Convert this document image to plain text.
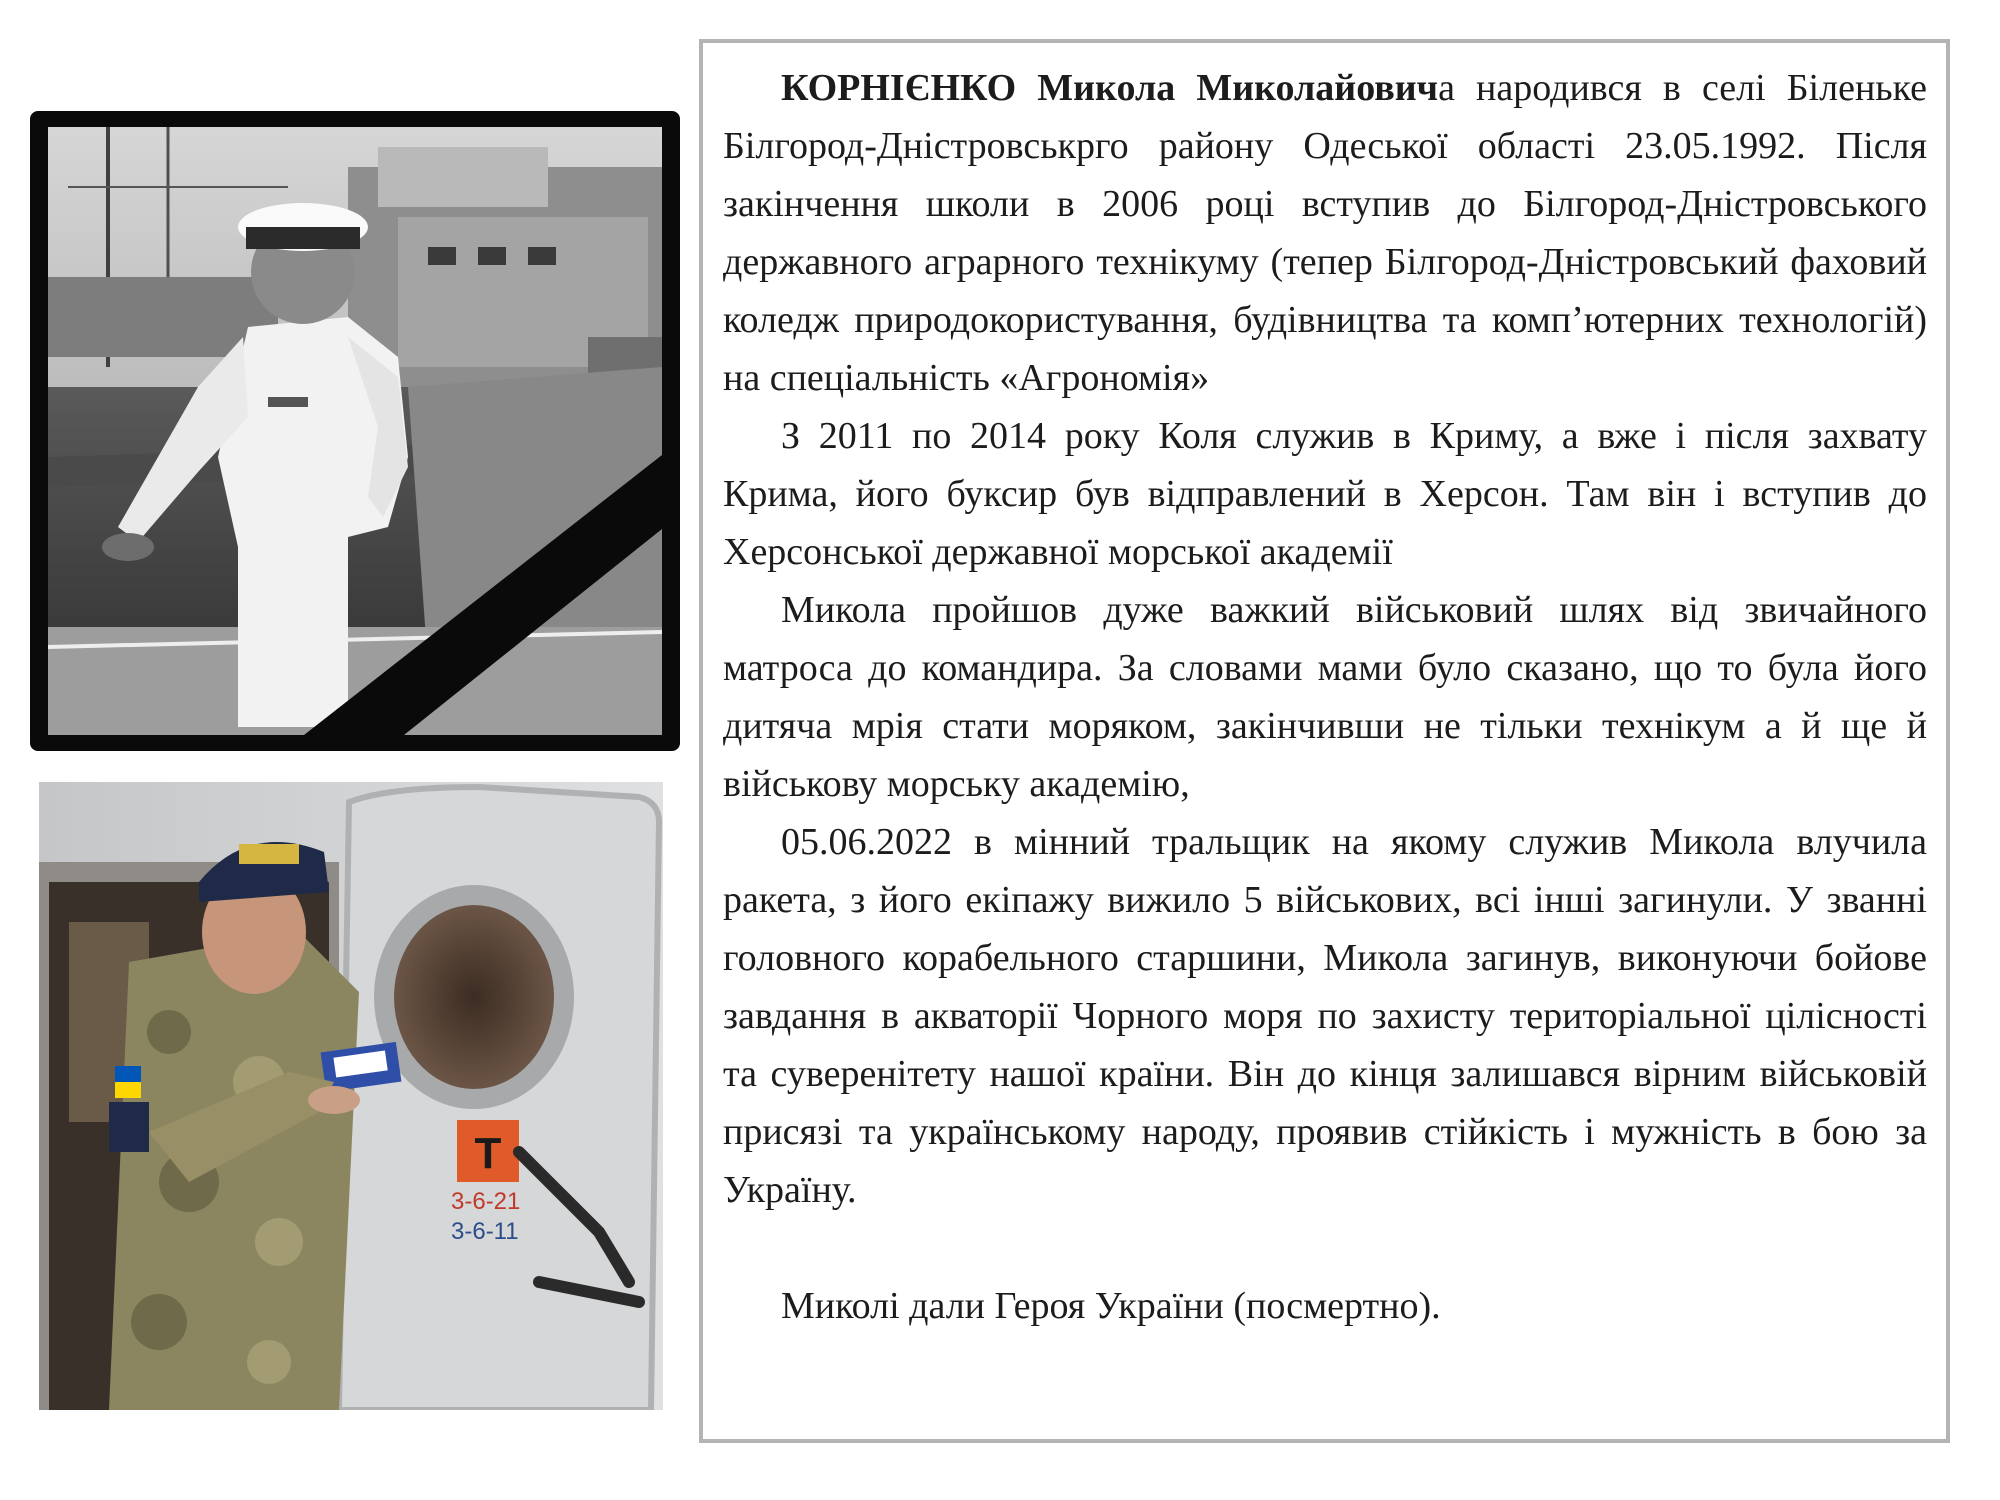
Т
3-6-21
3-6-11

КОРНІЄНКО Микола Миколайовича народився в селі Біленьке Білгород-Дністровськрго району Одеської області 23.05.1992. Після закінчення школи в 2006 році вступив до Білгород-Дністровського державного аграрного технікуму (тепер Білгород-Дністровський фаховий коледж природокористування, будівництва та комп’ютерних технологій) на спеціальність «Агрономія»

З 2011 по 2014 року Коля служив в Криму, а вже і після захвату Крима, його буксир був відправлений в Херсон. Там він і вступив до Херсонської державної морської академії

Микола пройшов дуже важкий військовий шлях від звичайного матроса до командира. За словами мами було сказано, що то була його дитяча мрія стати моряком, закінчивши не тільки технікум а й ще й військову морську академію,

05.06.2022 в мінний тральщик на якому служив Микола влучила ракета, з його екіпажу вижило 5 військових, всі інші загинули. У званні головного корабельного старшини, Микола загинув, виконуючи бойове завдання в акваторії Чорного моря по захисту територіальної цілісності та суверенітету нашої країни. Він до кінця залишався вірним військовій присязі та українському народу, проявив стійкість і мужність в бою за Україну.

Миколі дали Героя України (посмертно).
